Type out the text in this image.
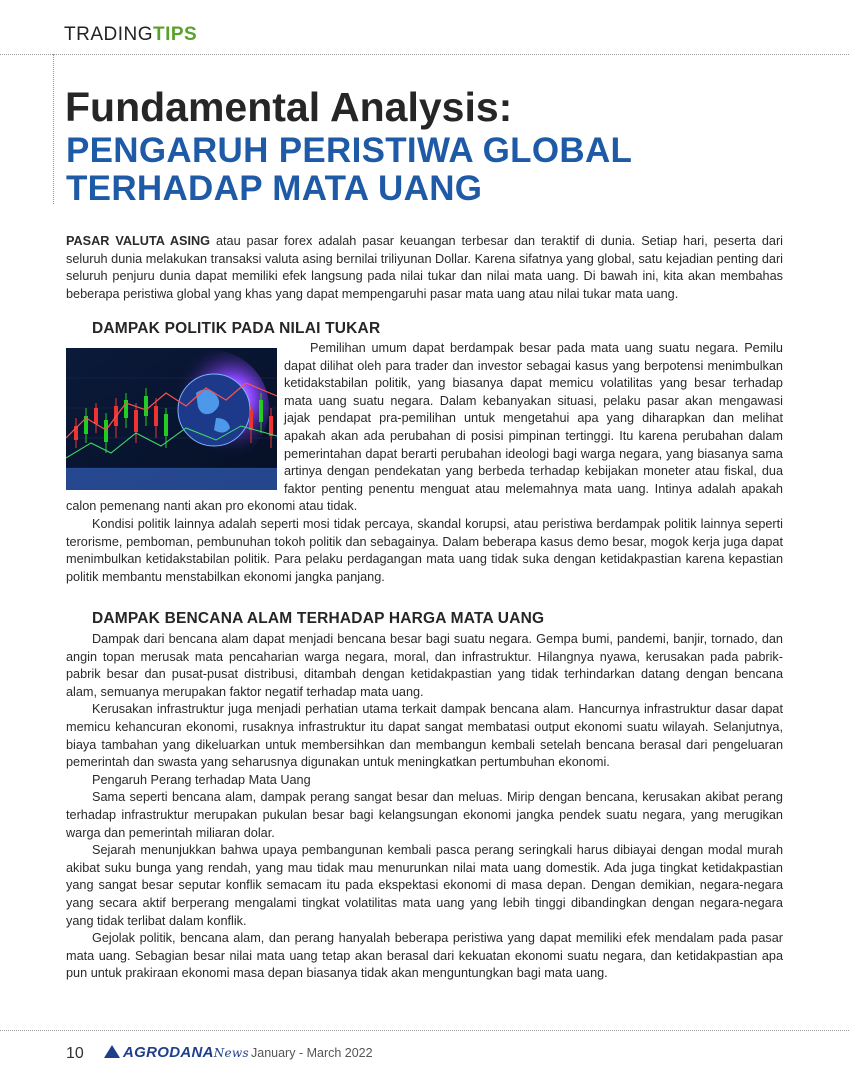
TRADINGTIPS
Fundamental Analysis:
PENGARUH PERISTIWA GLOBAL
TERHADAP MATA UANG

PASAR VALUTA ASING atau pasar forex adalah pasar keuangan terbesar dan teraktif di dunia. Setiap hari, peserta dari seluruh dunia melakukan transaksi valuta asing bernilai triliyunan Dollar. Karena sifatnya yang global, satu kejadian penting dari seluruh penjuru dunia dapat memiliki efek langsung pada nilai tukar dan nilai mata uang. Di bawah ini, kita akan membahas beberapa peristiwa global yang khas yang dapat mempengaruhi pasar mata uang atau nilai tukar mata uang.

DAMPAK POLITIK PADA NILAI TUKAR

Pemilihan umum dapat berdampak besar pada mata uang suatu negara. Pemilu dapat dilihat oleh para trader dan investor sebagai kasus yang berpotensi menimbulkan ketidakstabilan politik, yang biasanya dapat memicu volatilitas yang besar terhadap mata uang suatu negara. Dalam kebanyakan situasi, pelaku pasar akan mengawasi jajak pendapat pra-pemilihan untuk mengetahui apa yang diharapkan dan melihat apakah akan ada perubahan di posisi pimpinan tertinggi. Itu karena perubahan dalam pemerintahan dapat berarti perubahan ideologi bagi warga negara, yang biasanya sama artinya dengan pendekatan yang berbeda terhadap kebijakan moneter atau fiskal, dua faktor penting penentu menguat atau melemahnya mata uang. Intinya adalah apakah calon pemenang nanti akan pro ekonomi atau tidak.

Kondisi politik lainnya adalah seperti mosi tidak percaya, skandal korupsi, atau peristiwa berdampak politik lainnya seperti terorisme, pemboman, pembunuhan tokoh politik dan sebagainya. Dalam beberapa kasus demo besar, mogok kerja juga dapat menimbulkan ketidakstabilan politik. Para pelaku perdagangan mata uang tidak suka dengan ketidakpastian karena kepastian politik membantu menstabilkan ekonomi jangka panjang.

DAMPAK BENCANA ALAM TERHADAP HARGA MATA UANG

Dampak dari bencana alam dapat menjadi bencana besar bagi suatu negara. Gempa bumi, pandemi, banjir, tornado, dan angin topan merusak mata pencaharian warga negara, moral, dan infrastruktur. Hilangnya nyawa, kerusakan pada pabrik-pabrik besar dan pusat-pusat distribusi, ditambah dengan ketidakpastian yang tidak terhindarkan datang dengan bencana alam, semuanya merupakan faktor negatif terhadap mata uang.

Kerusakan infrastruktur juga menjadi perhatian utama terkait dampak bencana alam. Hancurnya infrastruktur dasar dapat memicu kehancuran ekonomi, rusaknya infrastruktur itu dapat sangat membatasi output ekonomi suatu wilayah. Selanjutnya, biaya tambahan yang dikeluarkan untuk membersihkan dan membangun kembali setelah bencana berasal dari pengeluaran pemerintah dan swasta yang seharusnya digunakan untuk meningkatkan pertumbuhan ekonomi.

Pengaruh Perang terhadap Mata Uang

Sama seperti bencana alam, dampak perang sangat besar dan meluas. Mirip dengan bencana, kerusakan akibat perang terhadap infrastruktur merupakan pukulan besar bagi kelangsungan ekonomi jangka pendek suatu negara, yang merugikan warga dan pemerintah miliaran dolar.

Sejarah menunjukkan bahwa upaya pembangunan kembali pasca perang seringkali harus dibiayai dengan modal murah akibat suku bunga yang rendah, yang mau tidak mau menurunkan nilai mata uang domestik. Ada juga tingkat ketidakpastian yang sangat besar seputar konflik semacam itu pada ekspektasi ekonomi di masa depan. Dengan demikian, negara-negara yang secara aktif berperang mengalami tingkat volatilitas mata uang yang lebih tinggi dibandingkan dengan negara-negara yang tidak terlibat dalam konflik.

Gejolak politik, bencana alam, dan perang hanyalah beberapa peristiwa yang dapat memiliki efek mendalam pada pasar mata uang. Sebagian besar nilai mata uang tetap akan berasal dari kekuatan ekonomi suatu negara, dan ketidakpastian apa pun untuk prakiraan ekonomi masa depan biasanya tidak akan menguntungkan bagi mata uang.

10	AGRODANANews January - March 2022
